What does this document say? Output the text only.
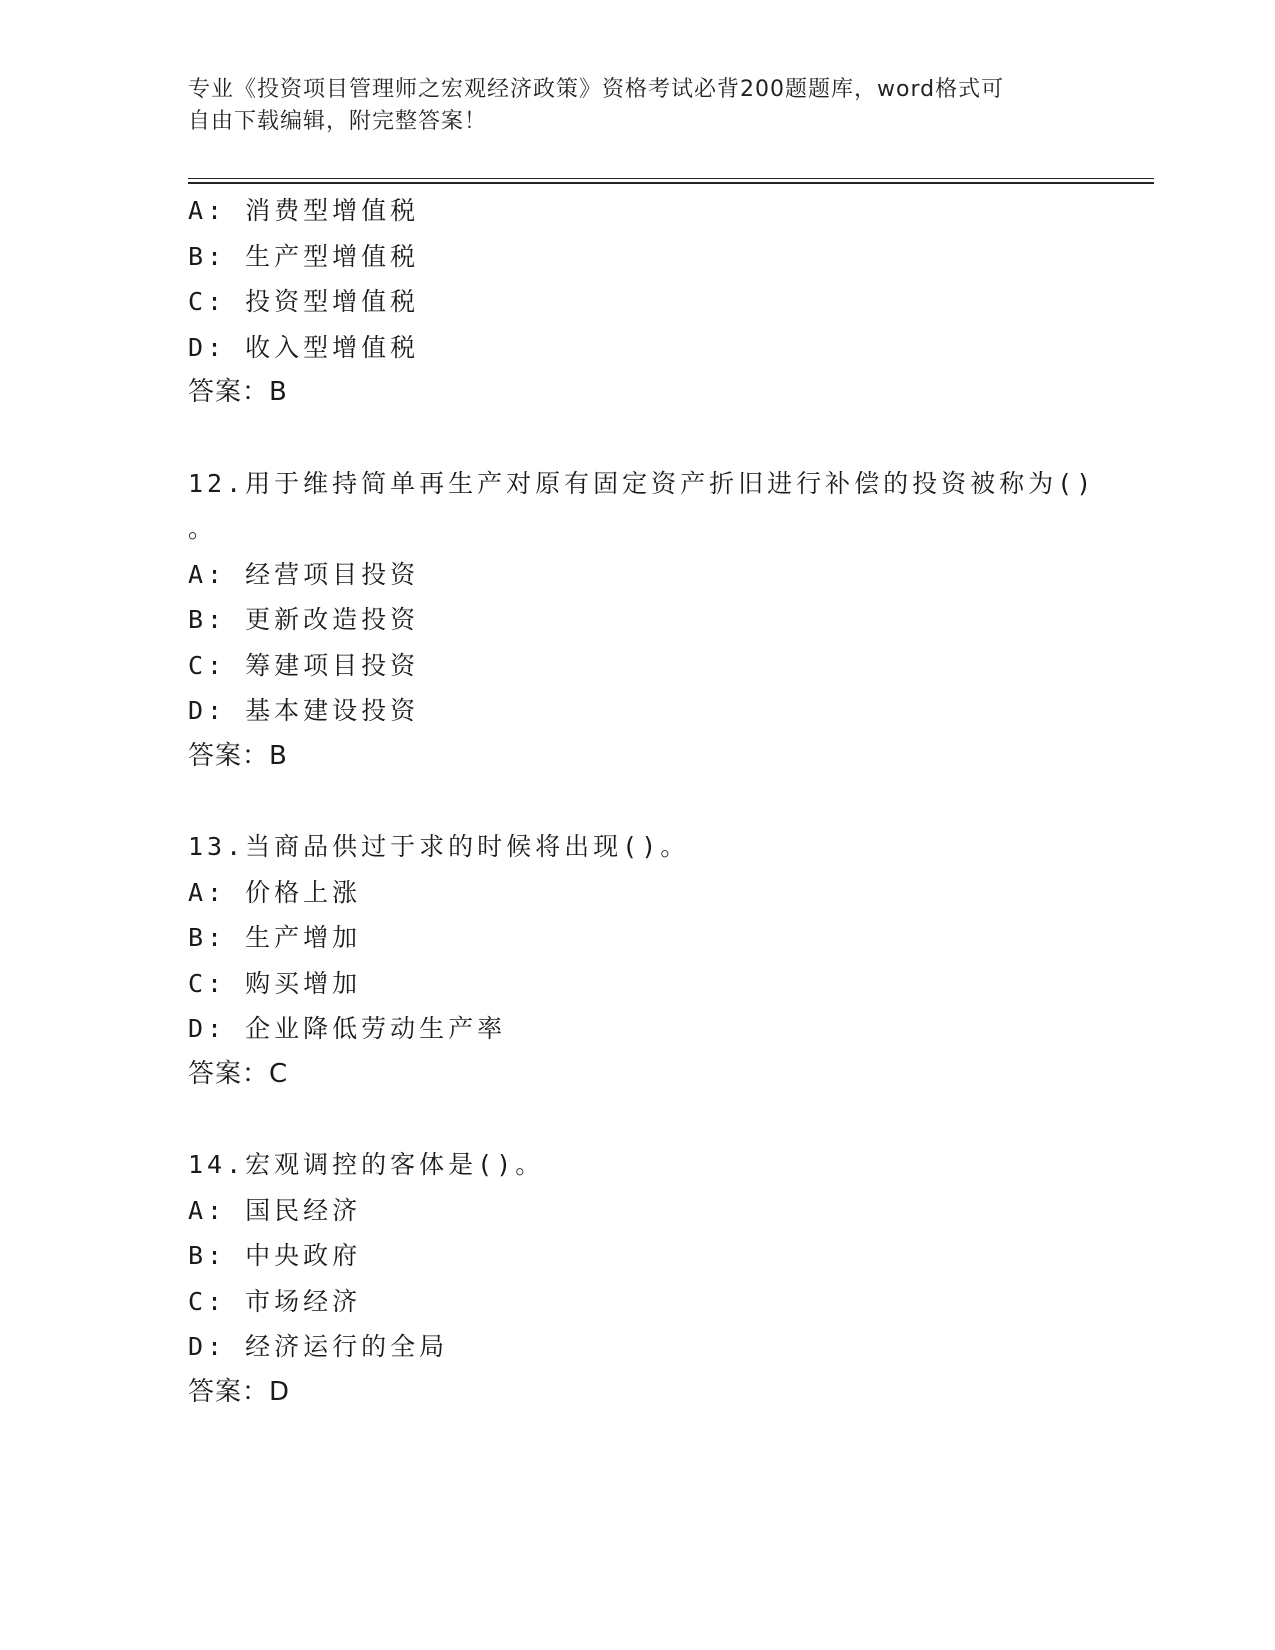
专业《投资项目管理师之宏观经济政策》资格考试必背200题题库，word格式可
自由下载编辑，附完整答案！
A: 消费型增值税
B: 生产型增值税
C: 投资型增值税
D: 收入型增值税
答案：B
12.用于维持简单再生产对原有固定资产折旧进行补偿的投资被称为()
。
A: 经营项目投资
B: 更新改造投资
C: 筹建项目投资
D: 基本建设投资
答案：B
13.当商品供过于求的时候将出现()。
A: 价格上涨
B: 生产增加
C: 购买增加
D: 企业降低劳动生产率
答案：C
14.宏观调控的客体是()。
A: 国民经济
B: 中央政府
C: 市场经济
D: 经济运行的全局
答案：D
